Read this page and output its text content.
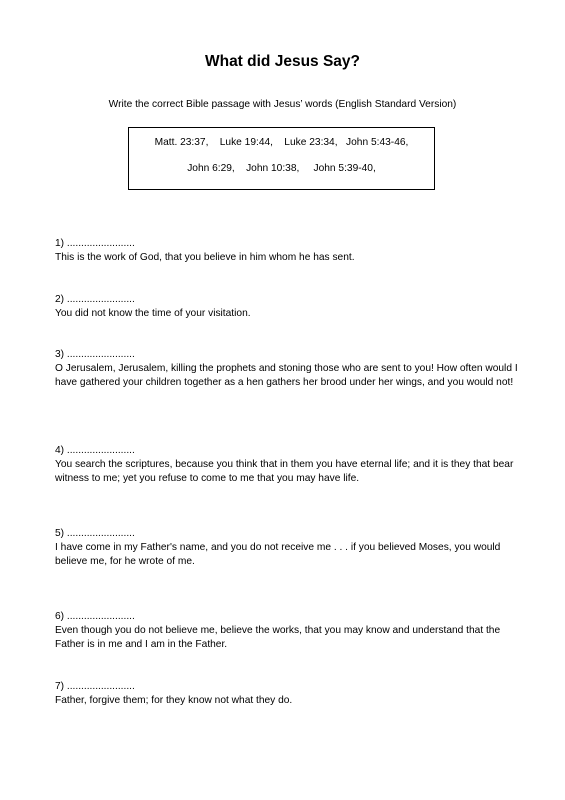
What did Jesus Say?
Write the correct Bible passage with Jesus’ words (English Standard Version)
Matt. 23:37,    Luke 19:44,    Luke 23:34,   John 5:43-46,
John 6:29,    John 10:38,     John 5:39-40,
1) ........................
This is the work of God, that you believe in him whom he has sent.
2) ........................
You did not know the time of your visitation.
3) ........................
O Jerusalem, Jerusalem, killing the prophets and stoning those who are sent to you! How often would I have gathered your children together as a hen gathers her brood under her wings, and you would not!
4) ........................
You search the scriptures, because you think that in them you have eternal life; and it is they that bear witness to me; yet you refuse to come to me that you may have life.
5) ........................
I have come in my Father's name, and you do not receive me . . . if you believed Moses, you would believe me, for he wrote of me.
6) ........................
Even though you do not believe me, believe the works, that you may know and understand that the Father is in me and I am in the Father.
7) ........................
Father, forgive them; for they know not what they do.
